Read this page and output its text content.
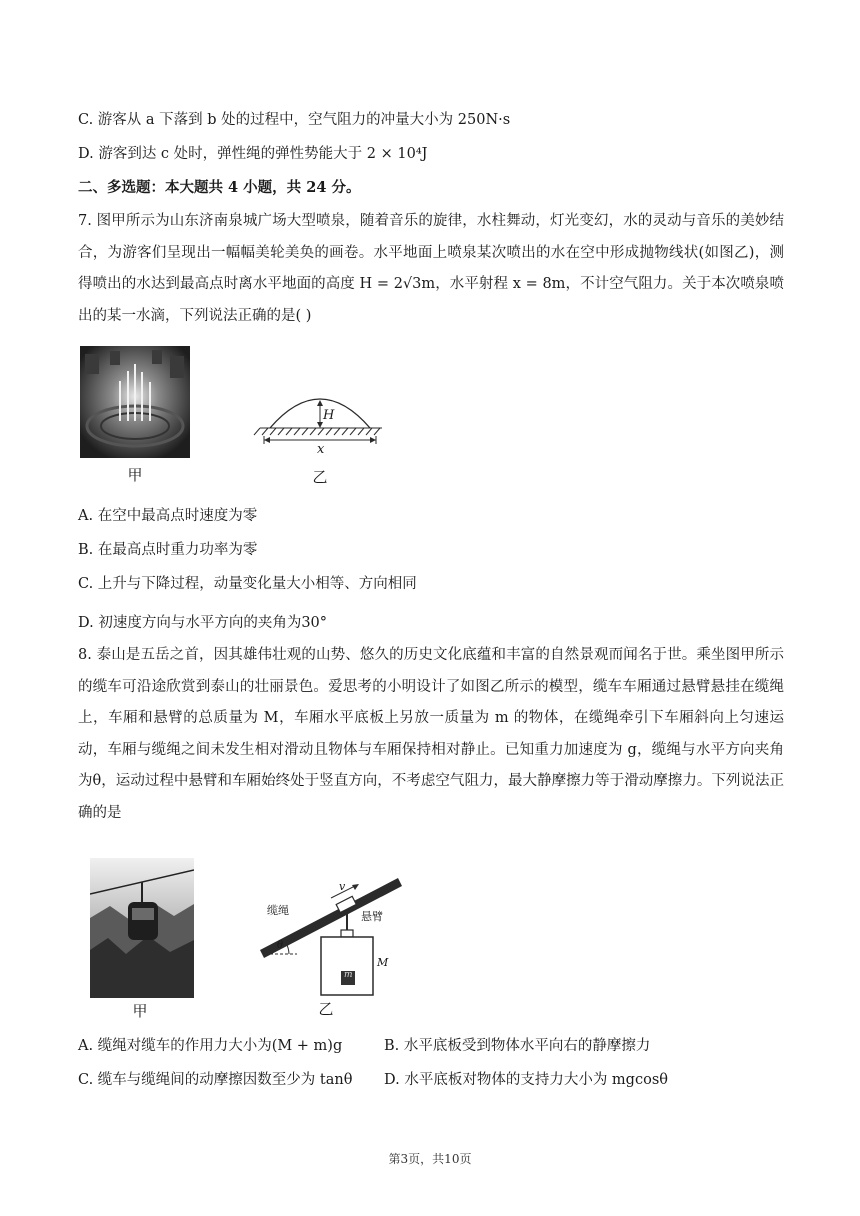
C. 游客从 a 下落到 b 处的过程中，空气阻力的冲量大小为 250N·s
D. 游客到达 c 处时，弹性绳的弹性势能大于 2 × 10⁴J
二、多选题：本大题共 4 小题，共 24 分。
7. 图甲所示为山东济南泉城广场大型喷泉，随着音乐的旋律，水柱舞动，灯光变幻，水的灵动与音乐的美妙结合，为游客们呈现出一幅幅美轮美奂的画卷。水平地面上喷泉某次喷出的水在空中形成抛物线状(如图乙)，测得喷出的水达到最高点时离水平地面的高度 H = 2√3m，水平射程 x = 8m，不计空气阻力。关于本次喷泉喷出的某一水滴，下列说法正确的是( )
甲
H
x
乙
A. 在空中最高点时速度为零
B. 在最高点时重力功率为零
C. 上升与下降过程，动量变化量大小相等、方向相同
D. 初速度方向与水平方向的夹角为30°
8. 泰山是五岳之首，因其雄伟壮观的山势、悠久的历史文化底蕴和丰富的自然景观而闻名于世。乘坐图甲所示的缆车可沿途欣赏到泰山的壮丽景色。爱思考的小明设计了如图乙所示的模型，缆车车厢通过悬臂悬挂在缆绳上，车厢和悬臂的总质量为 M，车厢水平底板上另放一质量为 m 的物体，在缆绳牵引下车厢斜向上匀速运动，车厢与缆绳之间未发生相对滑动且物体与车厢保持相对静止。已知重力加速度为 g，缆绳与水平方向夹角为θ，运动过程中悬臂和车厢始终处于竖直方向，不考虑空气阻力，最大静摩擦力等于滑动摩擦力。下列说法正确的是
甲
缆绳	悬臂
v
θ
M
m
乙
A. 缆绳对缆车的作用力大小为(M + m)g	B. 水平底板受到物体水平向右的静摩擦力
C. 缆车与缆绳间的动摩擦因数至少为 tanθ D. 水平底板对物体的支持力大小为 mgcosθ
第3页，共10页
